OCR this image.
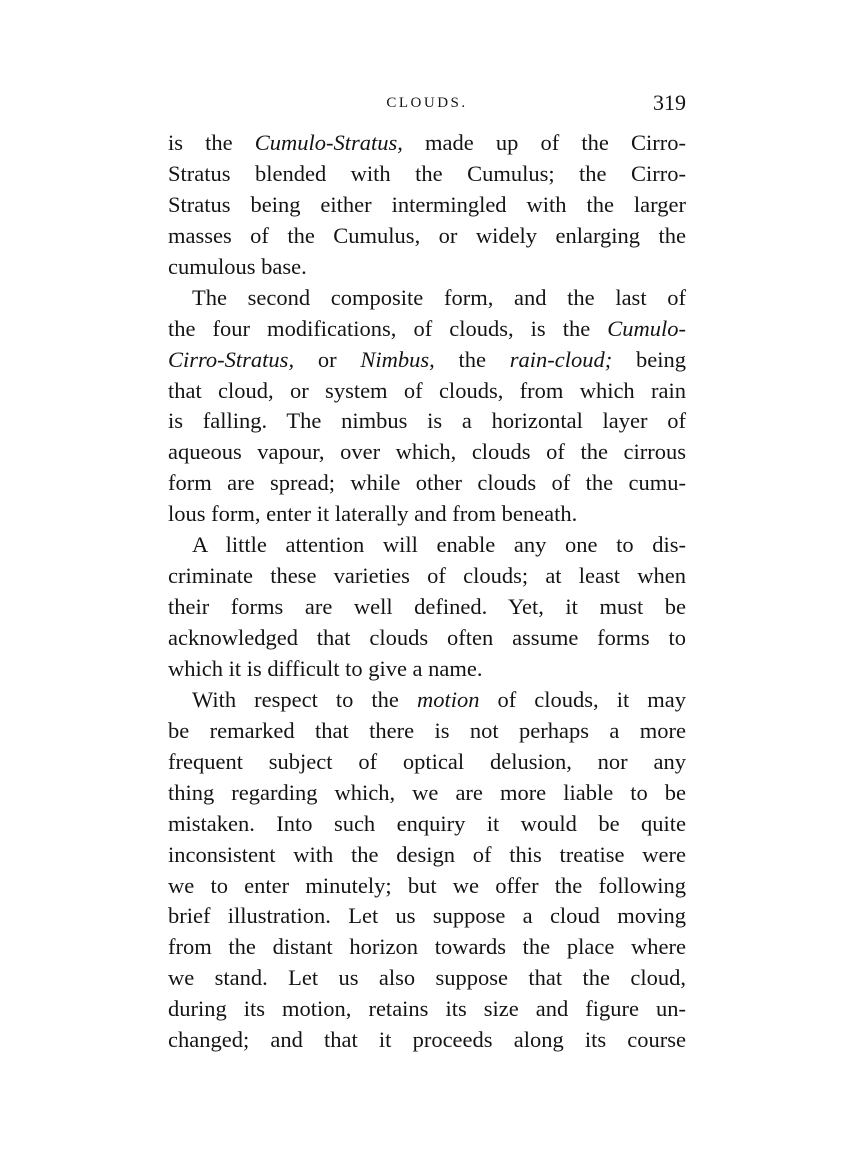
CLOUDS.	319
is the Cumulo-Stratus, made up of the Cirro-
Stratus blended with the Cumulus; the Cirro-
Stratus being either intermingled with the larger
masses of the Cumulus, or widely enlarging the
cumulous base.
The second composite form, and the last of
the four modifications, of clouds, is the Cumulo-
Cirro-Stratus, or Nimbus, the rain-cloud; being
that cloud, or system of clouds, from which rain
is falling. The nimbus is a horizontal layer of
aqueous vapour, over which, clouds of the cirrous
form are spread; while other clouds of the cumu-
lous form, enter it laterally and from beneath.
A little attention will enable any one to dis-
criminate these varieties of clouds; at least when
their forms are well defined. Yet, it must be
acknowledged that clouds often assume forms to
which it is difficult to give a name.
With respect to the motion of clouds, it may
be remarked that there is not perhaps a more
frequent subject of optical delusion, nor any
thing regarding which, we are more liable to be
mistaken. Into such enquiry it would be quite
inconsistent with the design of this treatise were
we to enter minutely; but we offer the following
brief illustration. Let us suppose a cloud moving
from the distant horizon towards the place where
we stand. Let us also suppose that the cloud,
during its motion, retains its size and figure un-
changed; and that it proceeds along its course
